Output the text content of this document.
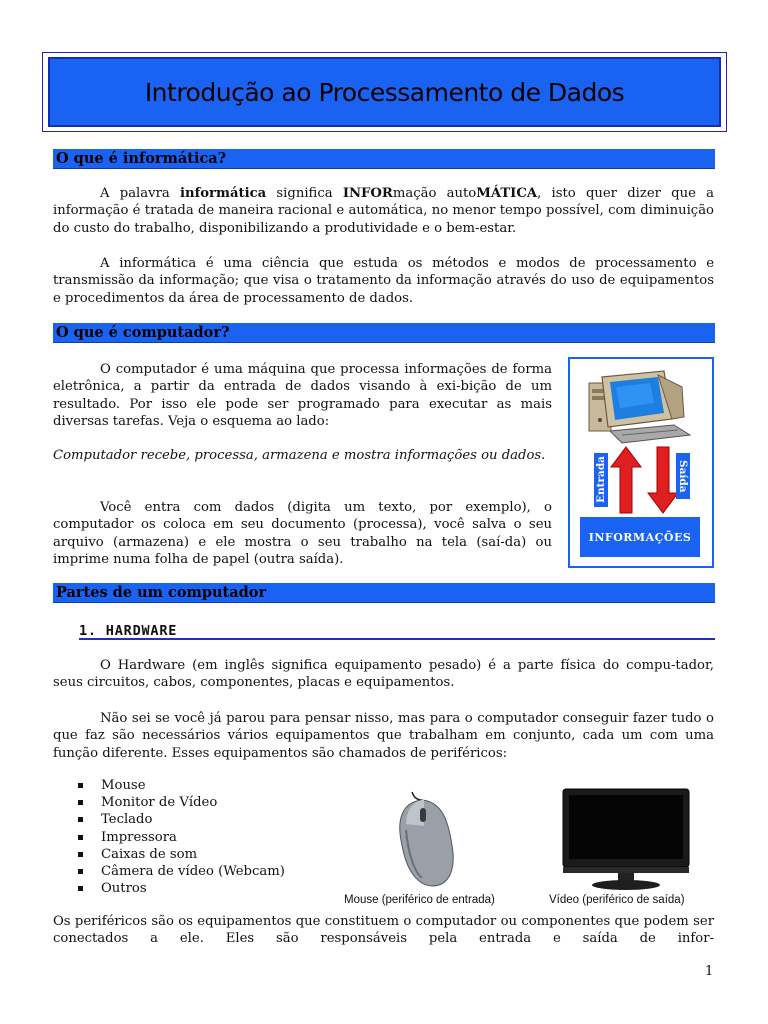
Introdução ao Processamento de Dados
O que é informática?

A palavra informática significa INFORmação autoMÁTICA, isto quer dizer que a informação é tratada de maneira racional e automática, no menor tempo possível, com diminuição do custo do trabalho, disponibilizando a produtividade e o bem-estar.

A informática é uma ciência que estuda os métodos e modos de processamento e transmissão da informação; que visa o tratamento da informação através do uso de equipamentos e procedimentos da área de processamento de dados.

O que é computador?

O computador é uma máquina que processa informações de forma eletrônica, a partir da entrada de dados visando à exi-bição de um resultado. Por isso ele pode ser programado para executar as mais diversas tarefas. Veja o esquema ao lado:

Computador recebe, processa, armazena e mostra informações ou dados.

Você entra com dados (digita um texto, por exemplo), o computador os coloca em seu documento (processa), você salva o seu arquivo (armazena) e ele mostra o seu trabalho na tela (saí-da) ou imprime numa folha de papel (outra saída).

Entrada	Saída
INFORMAÇÕES
Partes de um computador
1. HARDWARE

O Hardware (em inglês significa equipamento pesado) é a parte física do compu-tador, seus circuitos, cabos, componentes, placas e equipamentos.

Não sei se você já parou para pensar nisso, mas para o computador conseguir fazer tudo o que faz são necessários vários equipamentos que trabalham em conjunto, cada um com uma função diferente. Esses equipamentos são chamados de periféricos:

Mouse
Monitor de Vídeo
Teclado
Impressora
Caixas de som
Câmera de vídeo (Webcam)
Outros
Mouse (periférico de entrada)	Vídeo (periférico de saída)

Os periféricos são os equipamentos que constituem o computador ou componentes que podem ser conectados a ele. Eles são responsáveis pela entrada e saída de infor-

1
